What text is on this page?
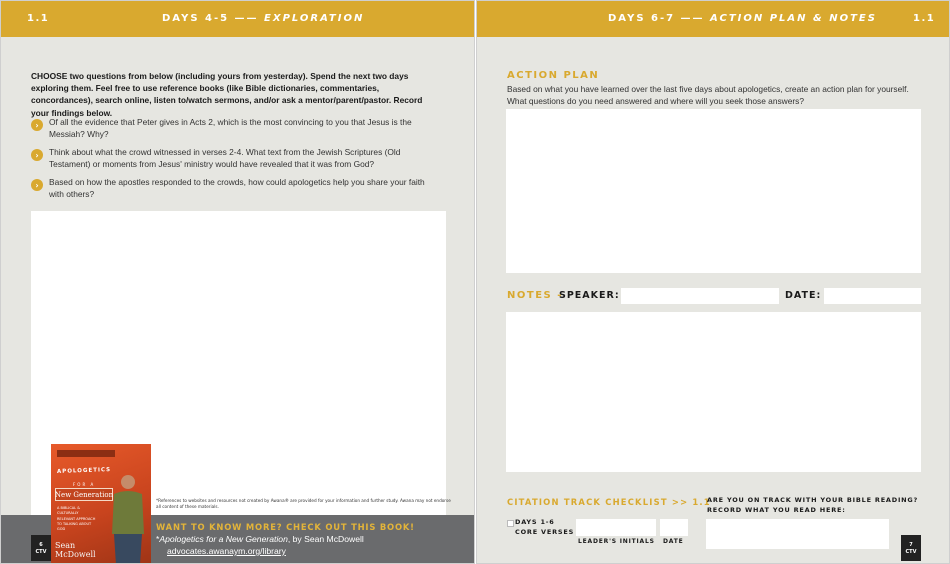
1.1	DAYS 4-5 —— EXPLORATION

CHOOSE two questions from below (including yours from yesterday). Spend the next two days exploring them. Feel free to use reference books (like Bible dictionaries, commentaries, concordances), search online, listen to/watch sermons, and/or ask a mentor/parent/pastor. Record your findings below.

›	Of all the evidence that Peter gives in Acts 2, which is the most convincing to you that Jesus is the Messiah? Why?
›	Think about what the crowd witnessed in verses 2-4. What text from the Jewish Scriptures (Old Testament) or moments from Jesus' ministry would have revealed that it was from God?
›	Based on how the apostles responded to the crowds, how could apologetics help you share your faith with others?
APOLOGETICS
FOR A
New Generation
A BIBLICAL & CULTURALLY RELEVANT APPROACH TO TALKING ABOUT GOD
Sean
McDowell

*References to websites and resources not created by Awana® are provided for your information and further study. Awana may not endorse all content of these materials.

WANT TO KNOW MORE? CHECK OUT THIS BOOK!
*Apologetics for a New Generation, by Sean McDowell
advocates.awanaym.org/library
6
CTV
DAYS 6-7 —— ACTION PLAN & NOTES	1.1
ACTION PLAN

Based on what you have learned over the last five days about apologetics, create an action plan for yourself. What questions do you need answered and where will you seek those answers?

NOTES -
SPEAKER:	DATE:
CITATION TRACK CHECKLIST >> 1.1
DAYS 1-6
CORE VERSES
LEADER'S INITIALS DATE
ARE YOU ON TRACK WITH YOUR BIBLE READING?
RECORD WHAT YOU READ HERE:
7
CTV
